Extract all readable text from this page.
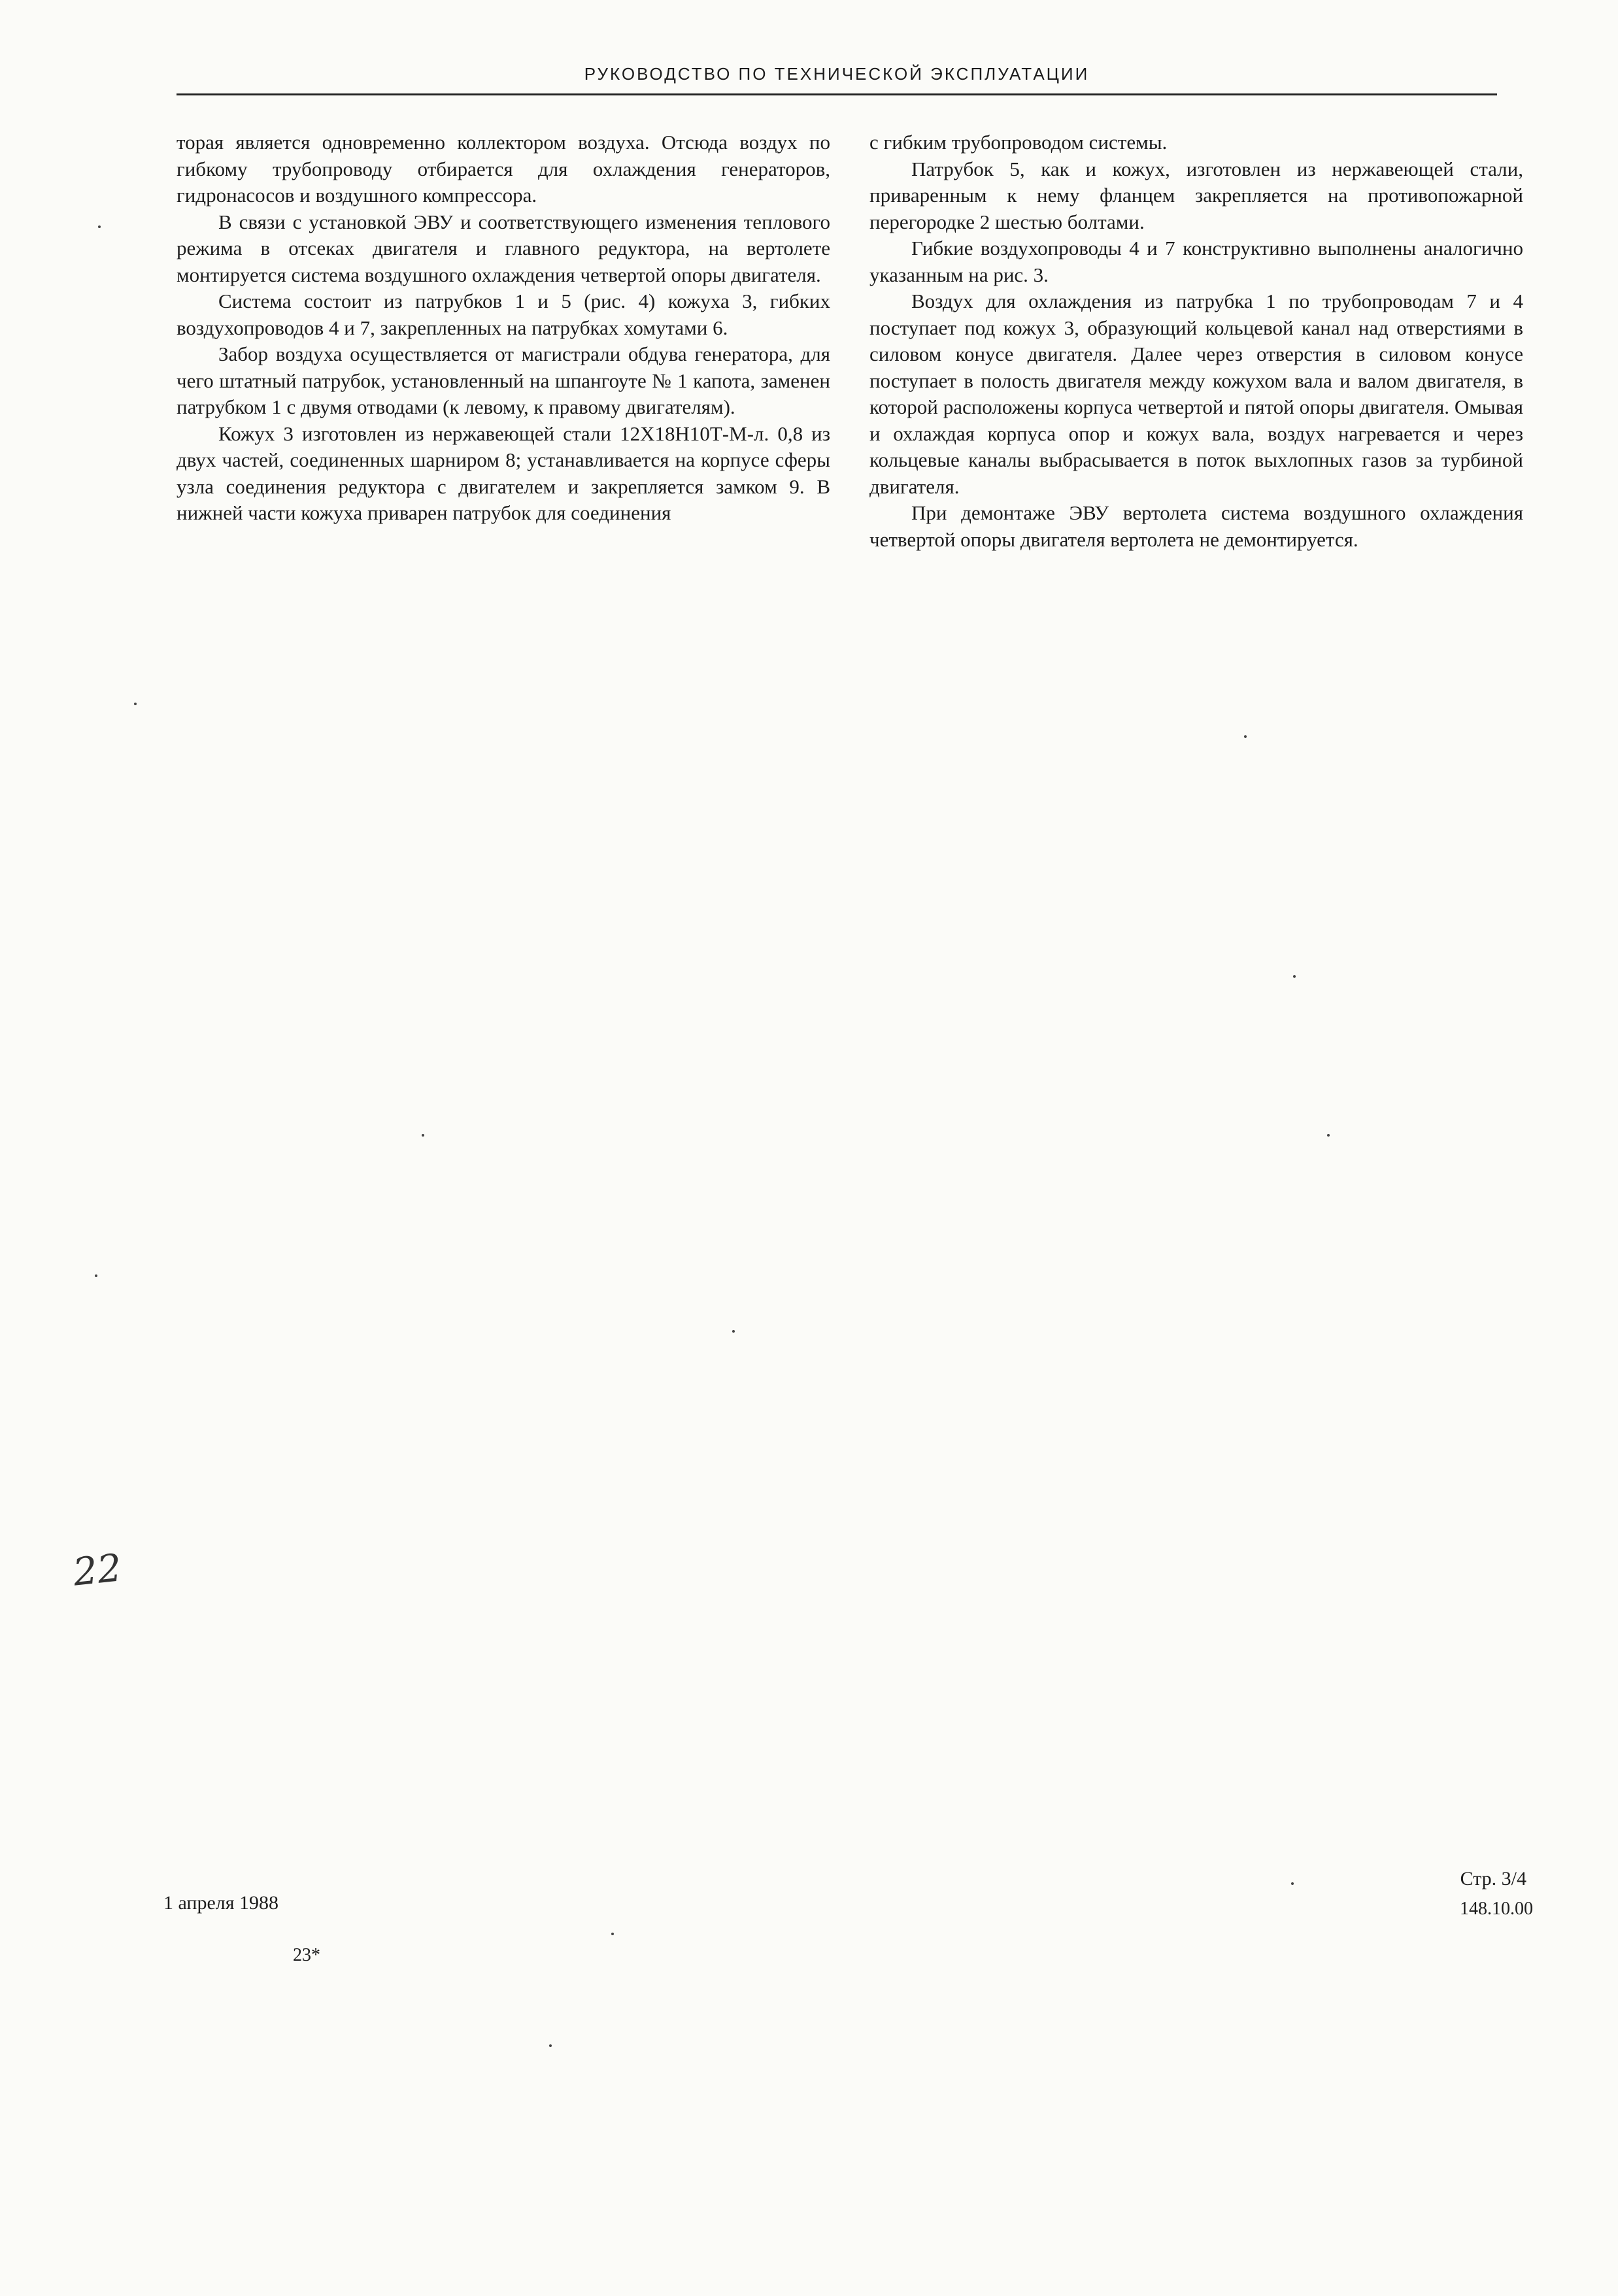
РУКОВОДСТВО ПО ТЕХНИЧЕСКОЙ ЭКСПЛУАТАЦИИ

торая является одновременно коллектором воздуха. Отсюда воздух по гибкому трубопроводу отбирается для охлаждения генераторов, гидронасосов и воздушного компрессора.

В связи с установкой ЭВУ и соответствующего изменения теплового режима в отсеках двигателя и главного редуктора, на вертолете монтируется система воздушного охлаждения четвертой опоры двигателя.

Система состоит из патрубков 1 и 5 (рис. 4) кожуха 3, гибких воздухопроводов 4 и 7, закрепленных на патрубках хомутами 6.

Забор воздуха осуществляется от магистрали обдува генератора, для чего штатный патрубок, установленный на шпангоуте № 1 капота, заменен патрубком 1 с двумя отводами (к левому, к правому двигателям).

Кожух 3 изготовлен из нержавеющей стали 12Х18Н10Т-М-л. 0,8 из двух частей, соединенных шарниром 8; устанавливается на корпусе сферы узла соединения редуктора с двигателем и закрепляется замком 9. В нижней части кожуха приварен патрубок для соединения

с гибким трубопроводом системы.

Патрубок 5, как и кожух, изготовлен из нержавеющей стали, приваренным к нему фланцем закрепляется на противопожарной перегородке 2 шестью болтами.

Гибкие воздухопроводы 4 и 7 конструктивно выполнены аналогично указанным на рис. 3.

Воздух для охлаждения из патрубка 1 по трубопроводам 7 и 4 поступает под кожух 3, образующий кольцевой канал над отверстиями в силовом конусе двигателя. Далее через отверстия в силовом конусе поступает в полость двигателя между кожухом вала и валом двигателя, в которой расположены корпуса четвертой и пятой опоры двигателя. Омывая и охлаждая корпуса опор и кожух вала, воздух нагревается и через кольцевые каналы выбрасывается в поток выхлопных газов за турбиной двигателя.

При демонтаже ЭВУ вертолета система воздушного охлаждения четвертой опоры двигателя вертолета не демонтируется.

22
1 апреля 1988
23*
Стр. 3/4
148.10.00
